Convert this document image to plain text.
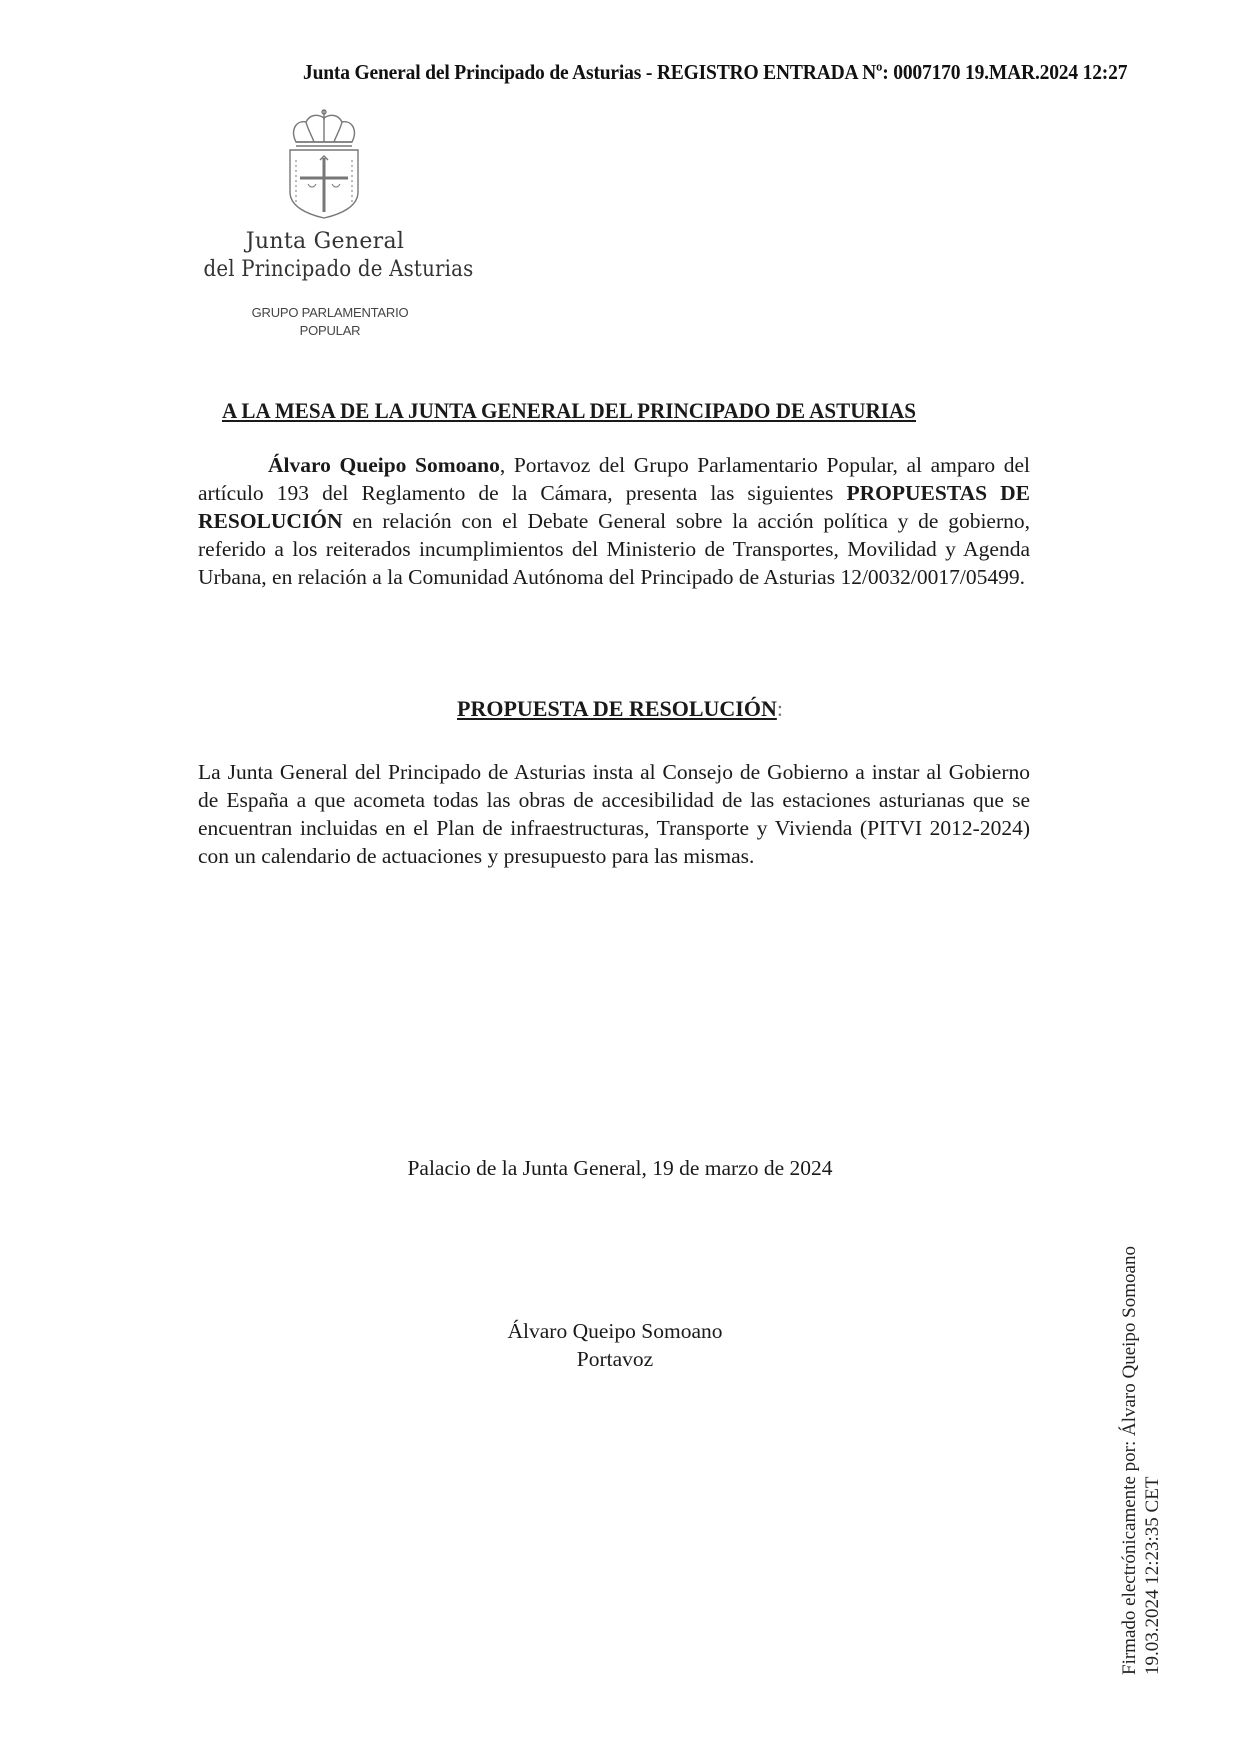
Junta General del Principado de Asturias - REGISTRO ENTRADA Nº: 0007170 19.MAR.2024 12:27
Junta General
del Principado de Asturias
GRUPO PARLAMENTARIO
POPULAR
A LA MESA DE LA JUNTA GENERAL DEL PRINCIPADO DE ASTURIAS
Álvaro Queipo Somoano, Portavoz del Grupo Parlamentario Popular, al amparo del artículo 193 del Reglamento de la Cámara, presenta las siguientes PROPUESTAS DE RESOLUCIÓN en relación con el Debate General sobre la acción política y de gobierno, referido a los reiterados incumplimientos del Ministerio de Transportes, Movilidad y Agenda Urbana, en relación a la Comunidad Autónoma del Principado de Asturias 12/0032/0017/05499.
PROPUESTA DE RESOLUCIÓN:
La Junta General del Principado de Asturias insta al Consejo de Gobierno a instar al Gobierno de España a que acometa todas las obras de accesibilidad de las estaciones asturianas que se encuentran incluidas en el Plan de infraestructuras, Transporte y Vivienda (PITVI 2012-2024) con un calendario de actuaciones y presupuesto para las mismas.
Palacio de la Junta General, 19 de marzo de 2024
Álvaro Queipo Somoano
Portavoz	Firmado electrónicamente por: Álvaro Queipo Somoano 19.03.2024 12:23:35 CET
